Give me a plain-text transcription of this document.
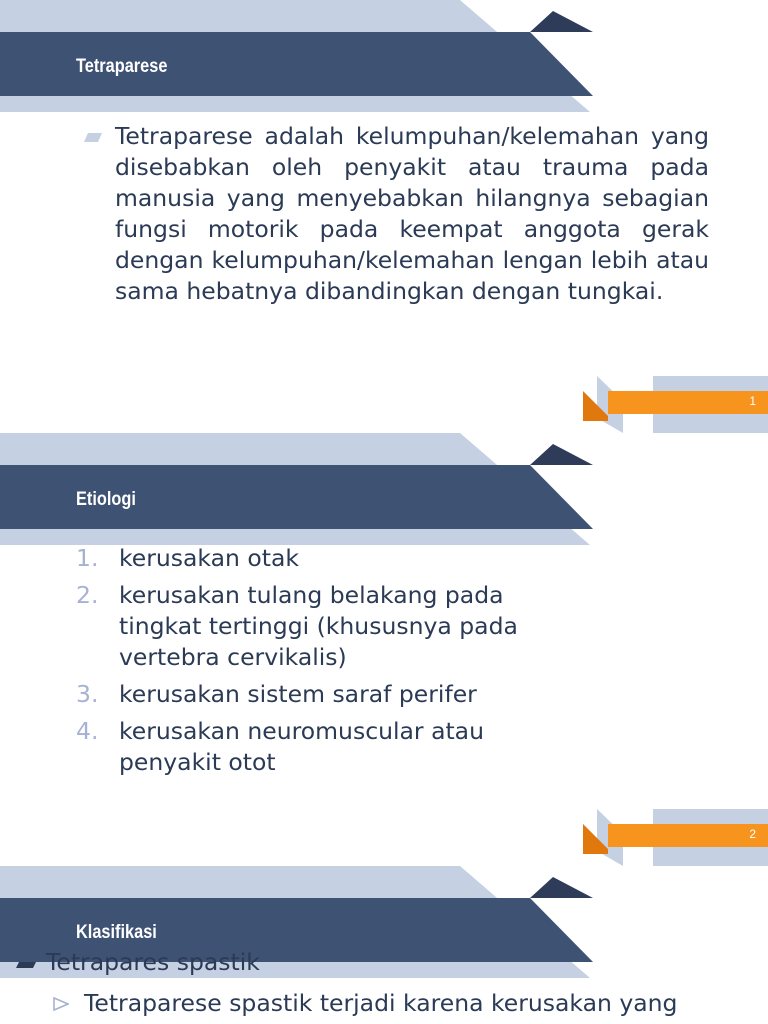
Tetraparese
Tetraparese adalah kelumpuhan/kelemahan yang disebabkan oleh penyakit atau trauma pada manusia yang menyebabkan hilangnya sebagian fungsi motorik pada keempat anggota gerak dengan kelumpuhan/kelemahan lengan lebih atau sama hebatnya dibandingkan dengan tungkai.
1
Etiologi
1. kerusakan otak
2. kerusakan tulang belakang pada tingkat tertinggi (khususnya pada vertebra cervikalis)
3. kerusakan sistem saraf perifer
4. kerusakan neuromuscular atau penyakit otot
2
Klasifikasi
Tetrapares spastik
Tetraparese spastik terjadi karena kerusakan yang
